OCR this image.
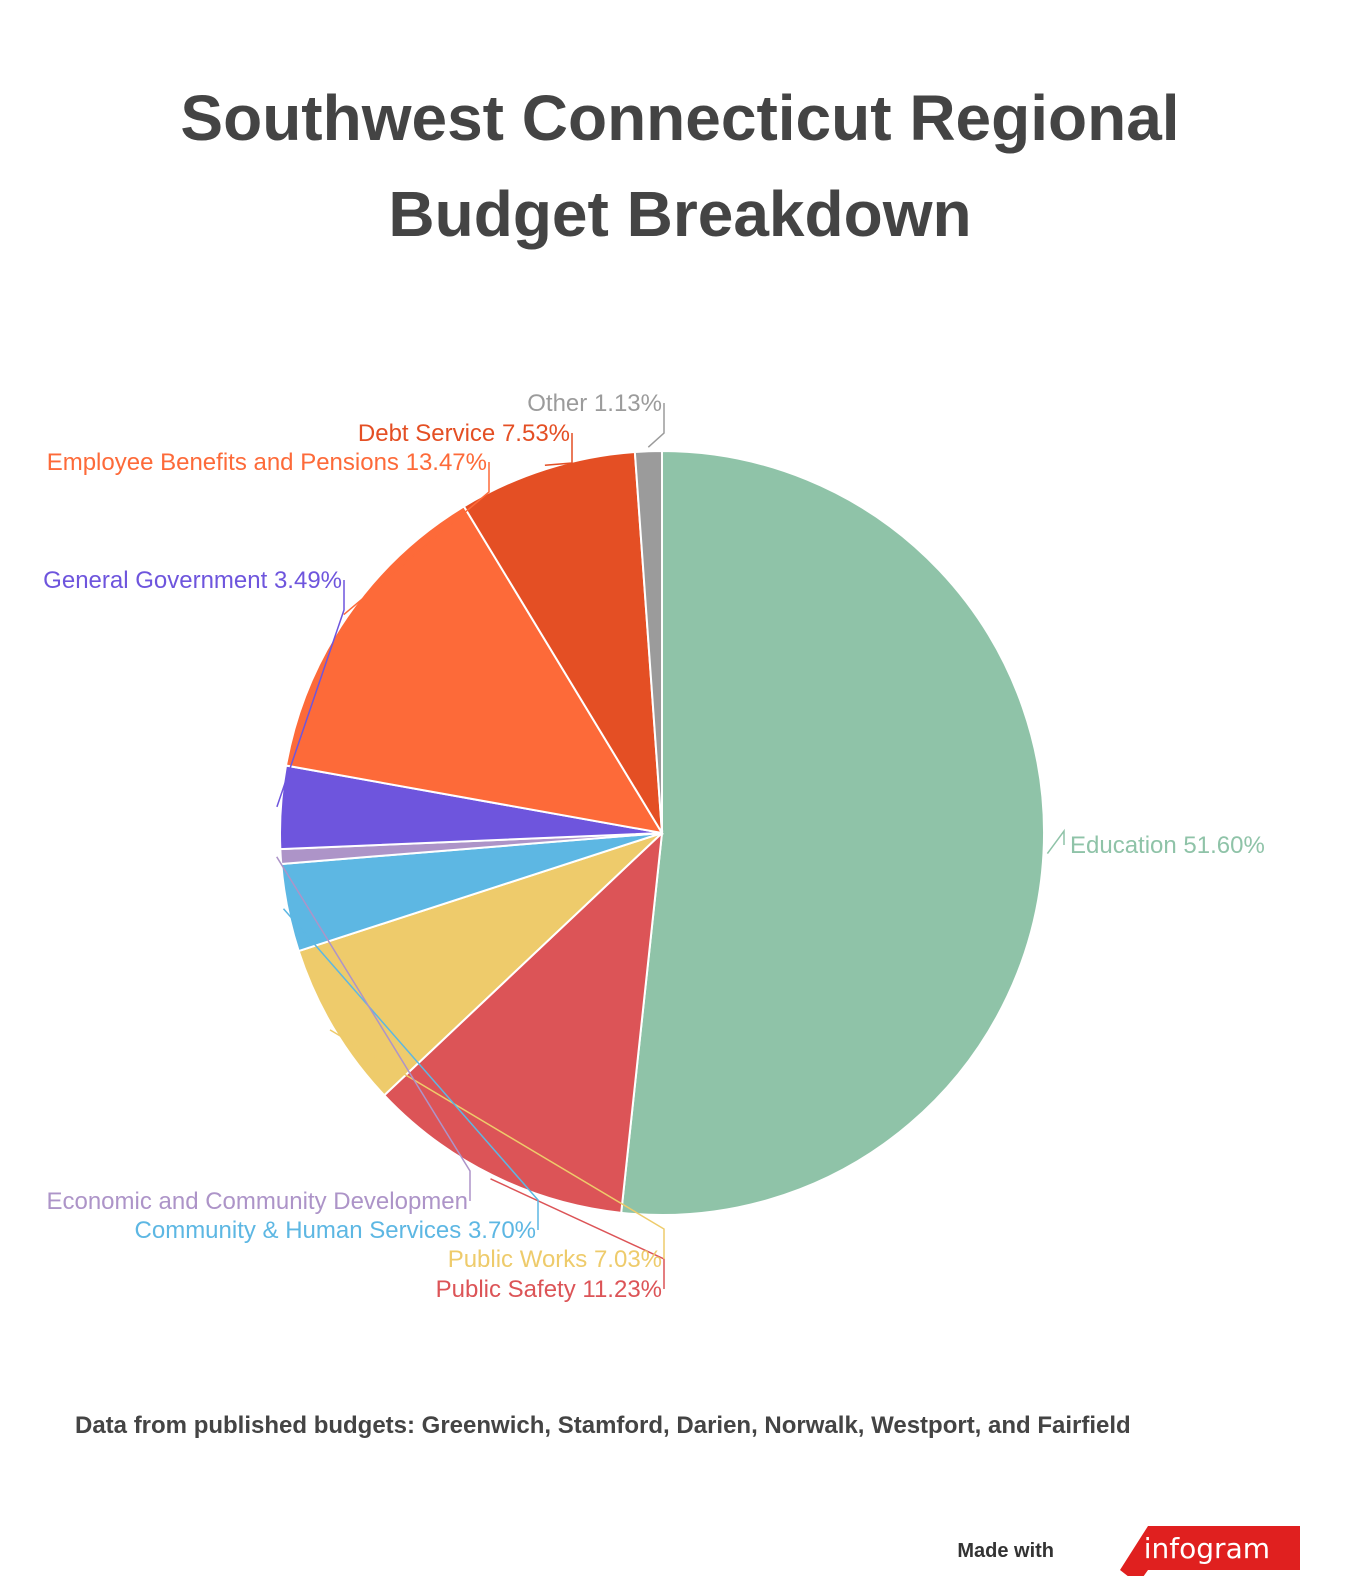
Southwest Connecticut Regional
Budget Breakdown
Education 51.60%
Public Safety 11.23%
Public Works 7.03%
Community & Human Services 3.70%
Economic and Community Developmen
General Government 3.49%
Employee Benefits and Pensions 13.47%
Debt Service 7.53%
Other 1.13%
Data from published budgets: Greenwich, Stamford, Darien, Norwalk, Westport, and Fairfield
Made with	infogram
